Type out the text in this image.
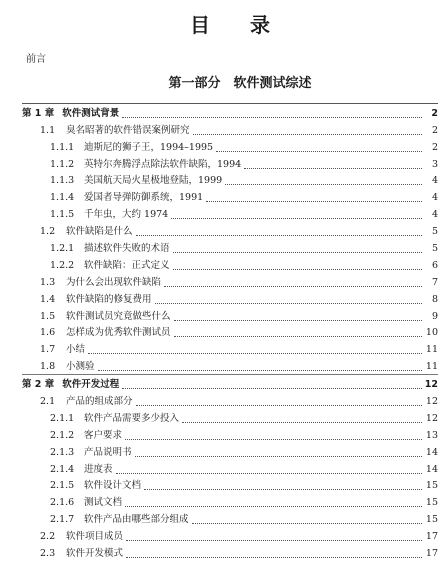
目　录
前言
第一部分　软件测试综述
第 1 章 软件测试背景	2
1.1	臭名昭著的软件错误案例研究	2
1.1.1	迪斯尼的狮子王，1994–1995	2
1.1.2	英特尔奔腾浮点除法软件缺陷，1994	3
1.1.3	美国航天局火星极地登陆，1999	4
1.1.4	爱国者导弹防御系统，1991	4
1.1.5	千年虫，大约 1974	4
1.2	软件缺陷是什么	5
1.2.1	描述软件失败的术语	5
1.2.2	软件缺陷：正式定义	6
1.3	为什么会出现软件缺陷	7
1.4	软件缺陷的修复费用	8
1.5	软件测试员究竟做些什么	9
1.6	怎样成为优秀软件测试员	10
1.7	小结	11
1.8	小测验	11
第 2 章 软件开发过程	12
2.1	产品的组成部分	12
2.1.1	软件产品需要多少投入	12
2.1.2	客户要求	13
2.1.3	产品说明书	14
2.1.4	进度表	14
2.1.5	软件设计文档	15
2.1.6	测试文档	15
2.1.7	软件产品由哪些部分组成	15
2.2	软件项目成员	17
2.3	软件开发模式	17
